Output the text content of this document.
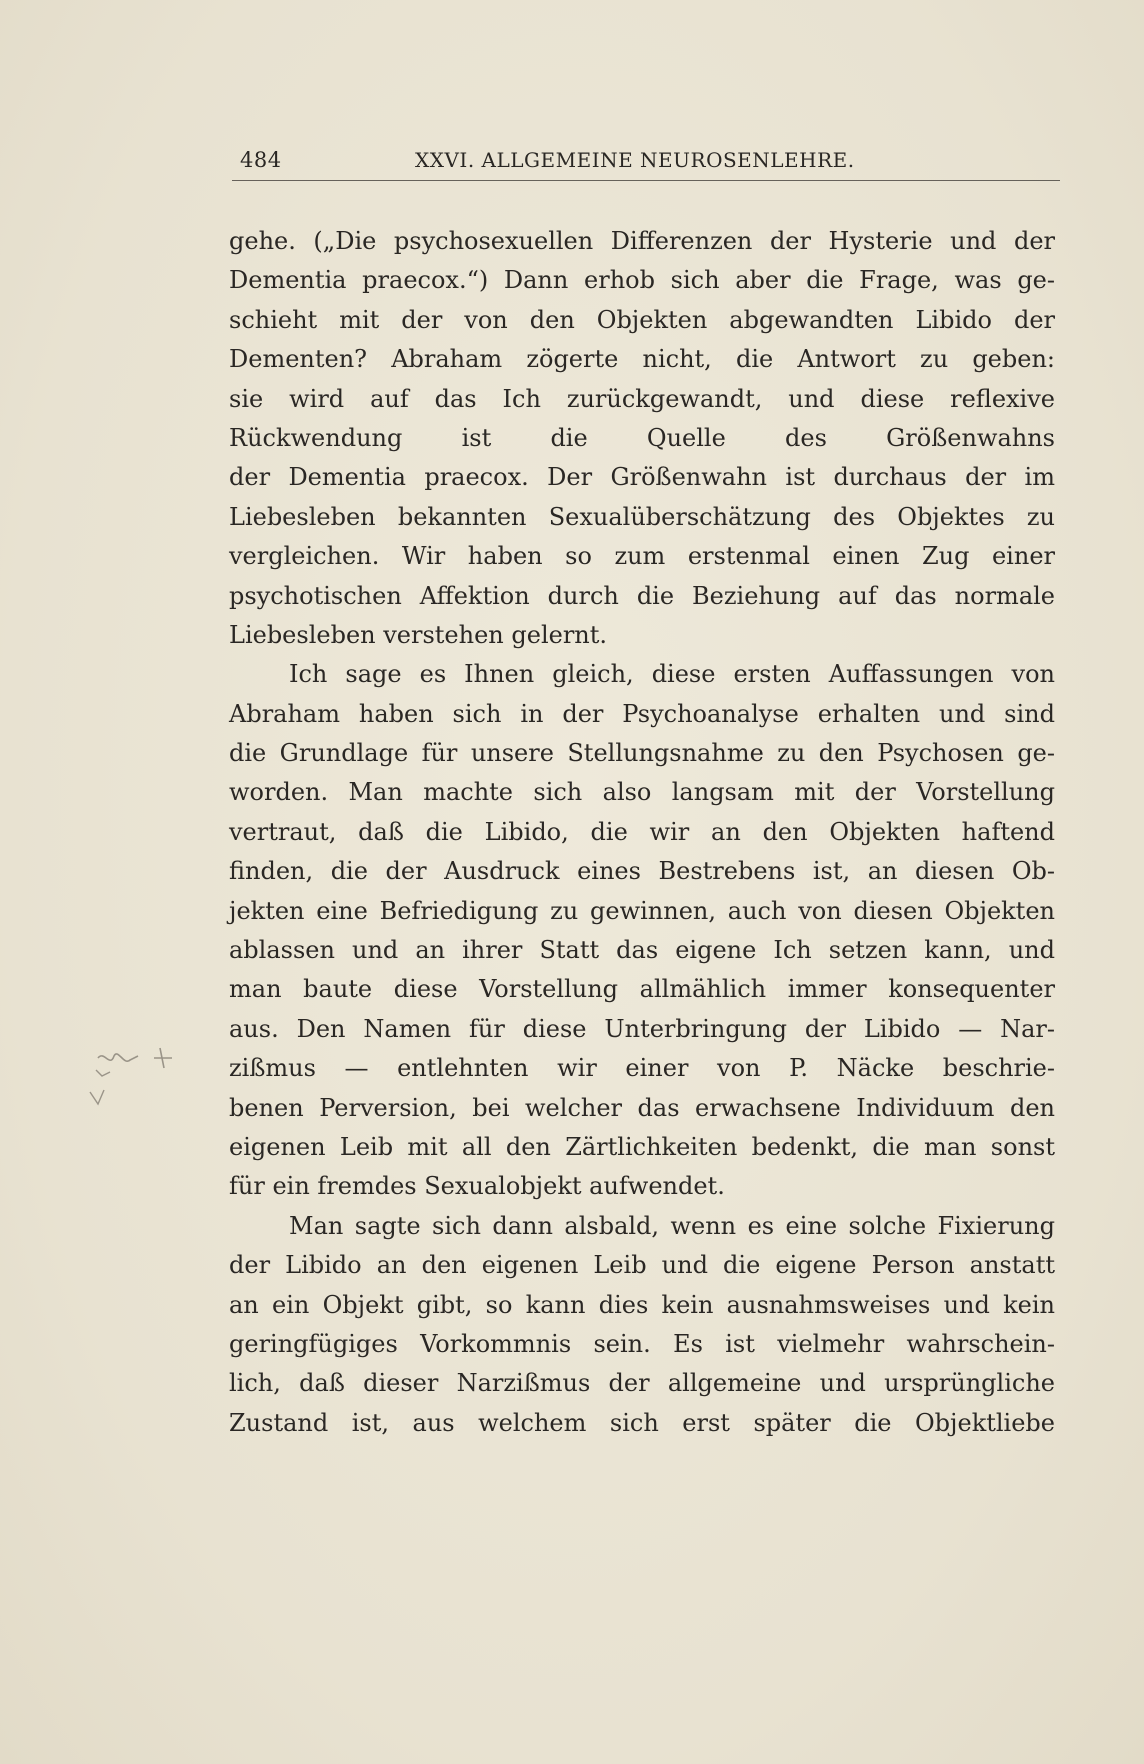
484	XXVI. ALLGEMEINE NEUROSENLEHRE.
gehe. („Die psychosexuellen Differenzen der Hysterie und der
Dementia praecox.“) Dann erhob sich aber die Frage, was ge-
schieht mit der von den Objekten abgewandten Libido der
Dementen? Abraham zögerte nicht, die Antwort zu geben:
sie wird auf das Ich zurückgewandt, und diese reflexive
Rückwendung ist die Quelle des Größenwahns
der Dementia praecox. Der Größenwahn ist durchaus der im
Liebesleben bekannten Sexualüberschätzung des Objektes zu
vergleichen. Wir haben so zum erstenmal einen Zug einer
psychotischen Affektion durch die Beziehung auf das normale
Liebesleben verstehen gelernt.
Ich sage es Ihnen gleich, diese ersten Auffassungen von
Abraham haben sich in der Psychoanalyse erhalten und sind
die Grundlage für unsere Stellungsnahme zu den Psychosen ge-
worden. Man machte sich also langsam mit der Vorstellung
vertraut, daß die Libido, die wir an den Objekten haftend
finden, die der Ausdruck eines Bestrebens ist, an diesen Ob-
jekten eine Befriedigung zu gewinnen, auch von diesen Objekten
ablassen und an ihrer Statt das eigene Ich setzen kann, und
man baute diese Vorstellung allmählich immer konsequenter
aus. Den Namen für diese Unterbringung der Libido — Nar-
zißmus — entlehnten wir einer von P. Näcke beschrie-
benen Perversion, bei welcher das erwachsene Individuum den
eigenen Leib mit all den Zärtlichkeiten bedenkt, die man sonst
für ein fremdes Sexualobjekt aufwendet.
Man sagte sich dann alsbald, wenn es eine solche Fixierung
der Libido an den eigenen Leib und die eigene Person anstatt
an ein Objekt gibt, so kann dies kein ausnahmsweises und kein
geringfügiges Vorkommnis sein. Es ist vielmehr wahrschein-
lich, daß dieser Narzißmus der allgemeine und ursprüngliche
Zustand ist, aus welchem sich erst später die Objektliebe
